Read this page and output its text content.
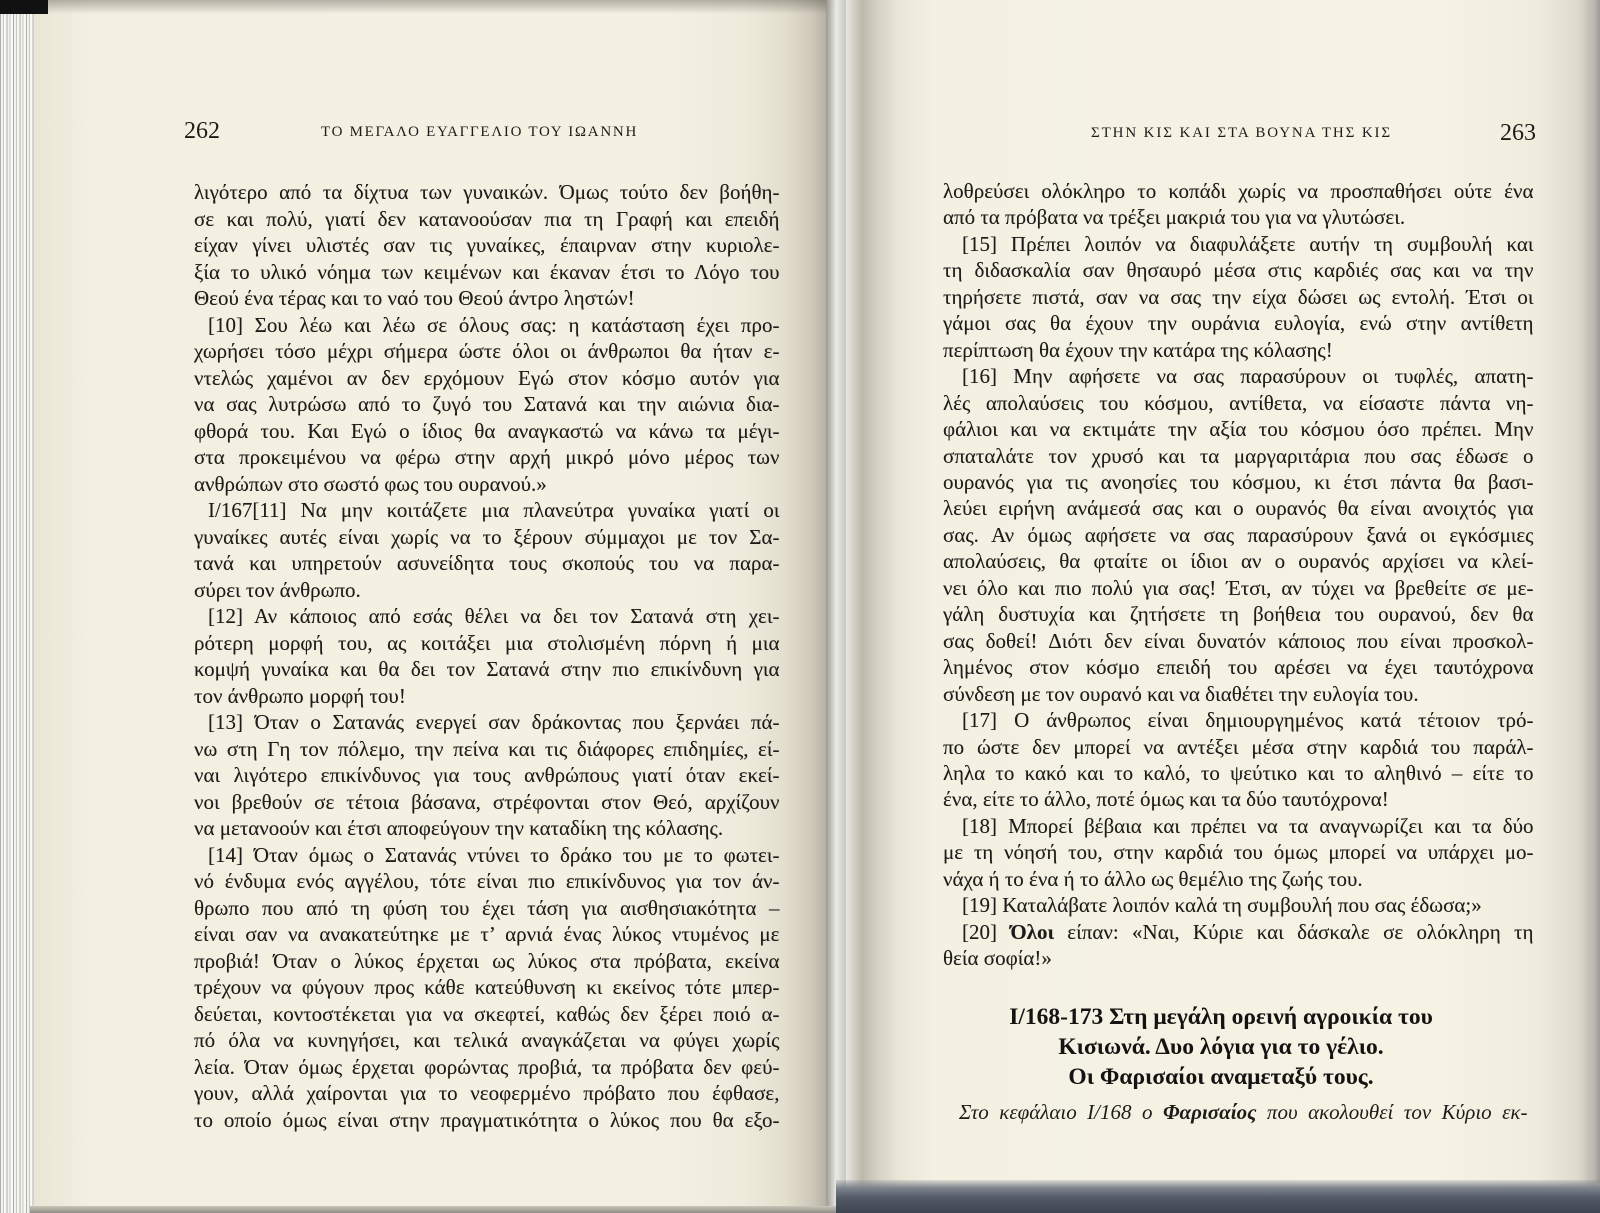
262	ΤΟ ΜΕΓΑΛΟ ΕΥΑΓΓΕΛΙΟ ΤΟΥ ΙΩΑΝΝΗ
λιγότερο από τα δίχτυα των γυναικών. Όμως τούτο δεν βοήθη-
σε και πολύ, γιατί δεν κατανοούσαν πια τη Γραφή και επειδή
είχαν γίνει υλιστές σαν τις γυναίκες, έπαιρναν στην κυριολε-
ξία το υλικό νόημα των κειμένων και έκαναν έτσι το Λόγο του
Θεού ένα τέρας και το ναό του Θεού άντρο ληστών!
[10] Σου λέω και λέω σε όλους σας: η κατάσταση έχει προ-
χωρήσει τόσο μέχρι σήμερα ώστε όλοι οι άνθρωποι θα ήταν ε-
ντελώς χαμένοι αν δεν ερχόμουν Εγώ στον κόσμο αυτόν για
να σας λυτρώσω από το ζυγό του Σατανά και την αιώνια δια-
φθορά του. Και Εγώ ο ίδιος θα αναγκαστώ να κάνω τα μέγι-
στα προκειμένου να φέρω στην αρχή μικρό μόνο μέρος των
ανθρώπων στο σωστό φως του ουρανού.»
I/167[11] Να μην κοιτάζετε μια πλανεύτρα γυναίκα γιατί οι
γυναίκες αυτές είναι χωρίς να το ξέρουν σύμμαχοι με τον Σα-
τανά και υπηρετούν ασυνείδητα τους σκοπούς του να παρα-
σύρει τον άνθρωπο.
[12] Αν κάποιος από εσάς θέλει να δει τον Σατανά στη χει-
ρότερη μορφή του, ας κοιτάξει μια στολισμένη πόρνη ή μια
κομψή γυναίκα και θα δει τον Σατανά στην πιο επικίνδυνη για
τον άνθρωπο μορφή του!
[13] Όταν ο Σατανάς ενεργεί σαν δράκοντας που ξερνάει πά-
νω στη Γη τον πόλεμο, την πείνα και τις διάφορες επιδημίες, εί-
ναι λιγότερο επικίνδυνος για τους ανθρώπους γιατί όταν εκεί-
νοι βρεθούν σε τέτοια βάσανα, στρέφονται στον Θεό, αρχίζουν
να μετανοούν και έτσι αποφεύγουν την καταδίκη της κόλασης.
[14] Όταν όμως ο Σατανάς ντύνει το δράκο του με το φωτει-
νό ένδυμα ενός αγγέλου, τότε είναι πιο επικίνδυνος για τον άν-
θρωπο που από τη φύση του έχει τάση για αισθησιακότητα –
είναι σαν να ανακατεύτηκε με τ’ αρνιά ένας λύκος ντυμένος με
προβιά! Όταν ο λύκος έρχεται ως λύκος στα πρόβατα, εκείνα
τρέχουν να φύγουν προς κάθε κατεύθυνση κι εκείνος τότε μπερ-
δεύεται, κοντοστέκεται για να σκεφτεί, καθώς δεν ξέρει ποιό α-
πό όλα να κυνηγήσει, και τελικά αναγκάζεται να φύγει χωρίς
λεία. Όταν όμως έρχεται φορώντας προβιά, τα πρόβατα δεν φεύ-
γουν, αλλά χαίρονται για το νεοφερμένο πρόβατο που έφθασε,
το οποίο όμως είναι στην πραγματικότητα ο λύκος που θα εξο-
ΣΤΗΝ ΚΙΣ ΚΑΙ ΣΤΑ ΒΟΥΝΑ ΤΗΣ ΚΙΣ	263
λοθρεύσει ολόκληρο το κοπάδι χωρίς να προσπαθήσει ούτε ένα
από τα πρόβατα να τρέξει μακριά του για να γλυτώσει.
[15] Πρέπει λοιπόν να διαφυλάξετε αυτήν τη συμβουλή και
τη διδασκαλία σαν θησαυρό μέσα στις καρδιές σας και να την
τηρήσετε πιστά, σαν να σας την είχα δώσει ως εντολή. Έτσι οι
γάμοι σας θα έχουν την ουράνια ευλογία, ενώ στην αντίθετη
περίπτωση θα έχουν την κατάρα της κόλασης!
[16] Μην αφήσετε να σας παρασύρουν οι τυφλές, απατη-
λές απολαύσεις του κόσμου, αντίθετα, να είσαστε πάντα νη-
φάλιοι και να εκτιμάτε την αξία του κόσμου όσο πρέπει. Μην
σπαταλάτε τον χρυσό και τα μαργαριτάρια που σας έδωσε ο
ουρανός για τις ανοησίες του κόσμου, κι έτσι πάντα θα βασι-
λεύει ειρήνη ανάμεσά σας και ο ουρανός θα είναι ανοιχτός για
σας. Αν όμως αφήσετε να σας παρασύρουν ξανά οι εγκόσμιες
απολαύσεις, θα φταίτε οι ίδιοι αν ο ουρανός αρχίσει να κλεί-
νει όλο και πιο πολύ για σας! Έτσι, αν τύχει να βρεθείτε σε με-
γάλη δυστυχία και ζητήσετε τη βοήθεια του ουρανού, δεν θα
σας δοθεί! Διότι δεν είναι δυνατόν κάποιος που είναι προσκολ-
λημένος στον κόσμο επειδή του αρέσει να έχει ταυτόχρονα
σύνδεση με τον ουρανό και να διαθέτει την ευλογία του.
[17] Ο άνθρωπος είναι δημιουργημένος κατά τέτοιον τρό-
πο ώστε δεν μπορεί να αντέξει μέσα στην καρδιά του παράλ-
ληλα το κακό και το καλό, το ψεύτικο και το αληθινό – είτε το
ένα, είτε το άλλο, ποτέ όμως και τα δύο ταυτόχρονα!
[18] Μπορεί βέβαια και πρέπει να τα αναγνωρίζει και τα δύο
με τη νόησή του, στην καρδιά του όμως μπορεί να υπάρχει μο-
νάχα ή το ένα ή το άλλο ως θεμέλιο της ζωής του.
[19] Καταλάβατε λοιπόν καλά τη συμβουλή που σας έδωσα;»
[20] Όλοι είπαν: «Ναι, Κύριε και δάσκαλε σε ολόκληρη τη
θεία σοφία!»
I/168-173 Στη μεγάλη ορεινή αγροικία του
Κισιωνά. Δυο λόγια για το γέλιο.
Οι Φαρισαίοι αναμεταξύ τους.
Στο κεφάλαιο I/168 ο Φαρισαίος που ακολουθεί τον Κύριο εκ-
